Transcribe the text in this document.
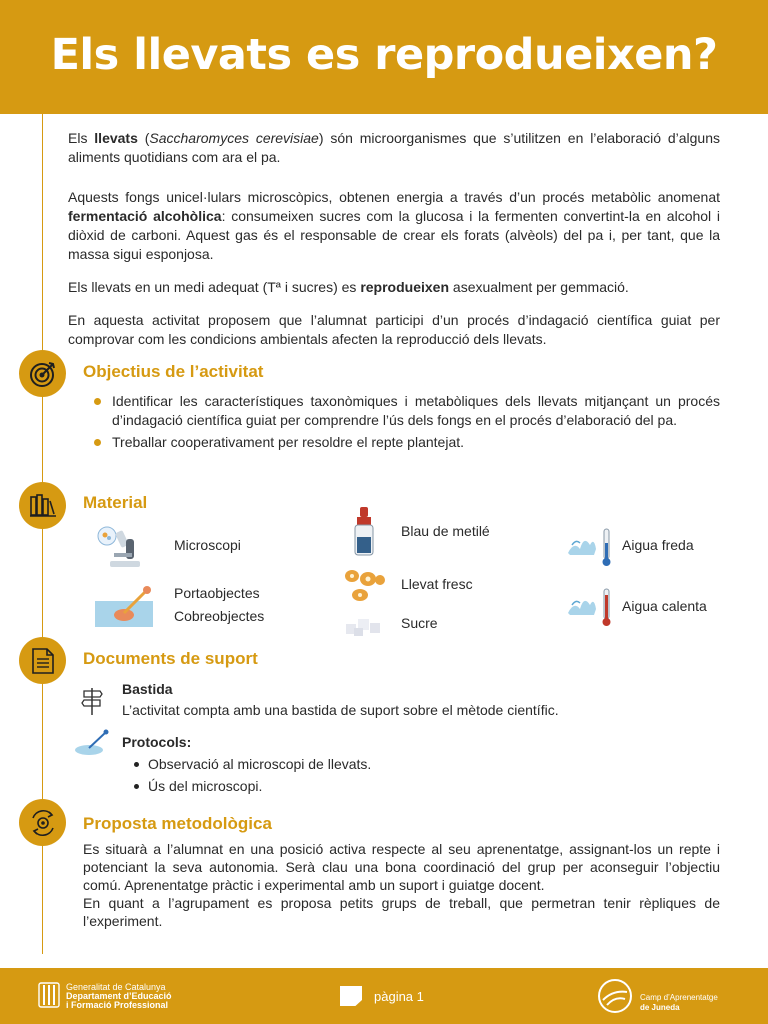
Els llevats es reprodueixen?

Els llevats (Saccharomyces cerevisiae) són microorganismes que s’utilitzen en l’elaboració d’alguns aliments quotidians com ara el pa.

Aquests fongs unicel·lulars microscòpics, obtenen energia a través d’un procés metabòlic anomenat fermentació alcohòlica: consumeixen sucres com la glucosa i la fermenten convertint-la en alcohol i diòxid de carboni. Aquest gas és el responsable de crear els forats (alvèols) del pa i, per tant, que la massa sigui esponjosa.

Els llevats en un medi adequat (Tª i sucres) es reprodueixen asexualment per gemmació.

En aquesta activitat proposem que l’alumnat participi d’un procés d’indagació científica guiat per comprovar com les condicions ambientals afecten la reproducció dels llevats.

Objectius de l’activitat
Identificar les característiques taxonòmiques i metabòliques dels llevats mitjançant un procés d’indagació científica guiat per comprendre l’ús dels fongs en el procés d’elaboració del pa.
Treballar cooperativament per resoldre el repte plantejat.
Material
Microscopi
Portaobjectes
Cobreobjectes
Blau de metilé
Llevat fresc
Sucre
Aigua freda
Aigua calenta
Documents de suport
Bastida
L’activitat compta amb una bastida de suport sobre el mètode científic.
Protocols:
Observació al microscopi de llevats.
Ús del microscopi.
Proposta metodològica

Es situarà a l’alumnat en una posició activa respecte al seu aprenentatge, assignant-los un repte i potenciant la seva autonomia. Serà clau una bona coordinació del grup per aconseguir l’objectiu comú. Aprenentatge pràctic i experimental amb un suport i guiatge docent.

En quant a l’agrupament es proposa petits grups de treball, que permetran tenir rèpliques de l’experiment.

Generalitat de Catalunya
Departament d’Educació
i Formació Professional
pàgina 1	Camp d’Aprenentatge
de Juneda
